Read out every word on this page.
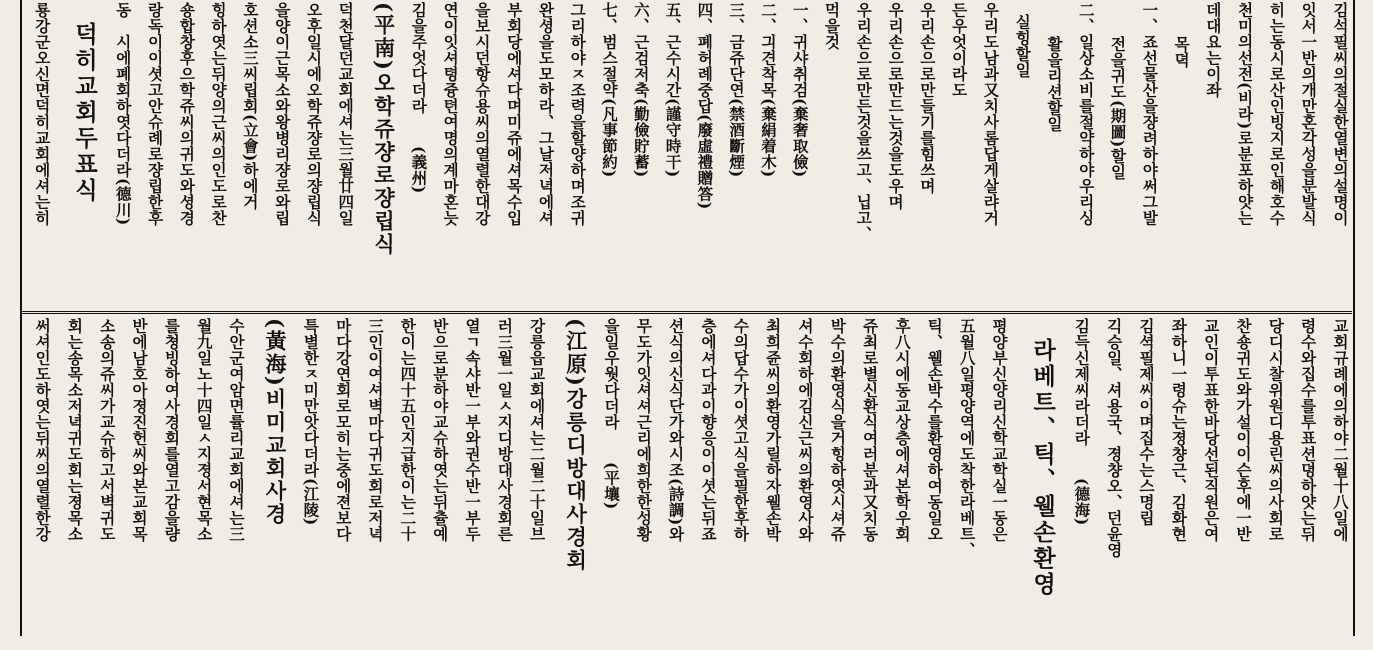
김석필씨의절실한열변의설명이
잇서一반의개만혼각성을분발식
히는동시로산인빙지로인해호수
천미의선전(비라)로분포하얏는
데대요는이좌
목뎍
一、죠선물산을쟝려하야써그발
전을귀도(期圖)할일
二、일상소비를절약하야우리싱
활을리션할일
실힝할일
우리도남과又치사롬답게살랴거
든우엇이라도
우리손으로만들기를힘쓰며
우리손으로만드는것을도우며
우리손으로만든것을쓰고、닙고、
먹을것
一、귀샤취검(棄奢取儉)
二、긔견착목(棄絹着木)
三、금쥬단연(禁酒斷煙)
四、폐허례중답(廢虛禮贈答)
五、근수시간(謹守時干)
六、근검저축(勤儉貯蓄)
七、범스절약(凡事節約)
그리하야ㅈ조력을할양하며조귀
완셩을도모하라、그날저녁에셔
부회당에셔다며미쥬에셔목수입
을보시던항슈용씨의열렬한대강
연이잇셔텽즁텬여명의계마혼늣
김을주엇다더라　　(義州)
(平南)오학쥬쟝로쟝립식
덕천달던교회에셔는三월廿四일
오후일시에오학쥬쟝로의쟝립식
을양이근목소와왕병리쟝로와립
호션소三씨립회(立會)하에거
힝하엿는뒤양의근씨의인도로찬
숑합창후으학쥬씨의귀도와셩경
랑독이이셧고안슈례로쟝립한후
동　시에폐회하엿다더라(德川)
덕히교회두표식
룡강군오신면덕히교회에셔는히
교회규례에의하야二월十八일에
령수와집수를투표션뎡하얏는뒤
당디시찰위원디용린씨의사회로
찬숑귀도와가설이이슨후에一반
교인이투표한바당선된직원은여
좌하니一령슈는졍챵근、김화현
김셕필제씨이며집수는스명립
긱승일、셔용국、졍챵오、던윤영
김득신제씨라더라　　(德海)
라베트、틱、웰손환영
평양부신양리신학교학실一동은
五월八일평양역에도착한라베트、
틱、웰손박수를환영하여동일오
후八시에동교상층에셔본학우회
쥬최로별신환식여러분과又치동
박수의환영식을거힝하엿시셔쥬
셔수회하에김신근씨의환영사와
최희쥰씨의환영가릴하자웰손박
수의답수가이셧고식을필한후하
층에셔다과이향응이이셧는뒤죠
션식의신식단가와시조(詩調)와
무도가잇셔셔근리에희한한성황
을일우웟다더라　　(平壤)
(江原)강릉디방대사경회
강릉읍교회에셔는二월二十일브
러三월一일ㅅ지디방대사경회른
열ㄱ속샤반一부와권수반一부두
반으로분하야교슈하엿는뒤츌예
한이는四十五인지급한이는二十
三인이여셔벽마다귀도회로저녁
마다강연회로모히는중에젼보다
특별한ㅈ미만앗다더라(江陵)
(黃海)비미교회사경
수안군여암면률리교회에셔는三
월九일노十四일ㅅ지졍서현목소
를쳥빙하여사경회를열고감을량
반에남호아졍진헌씨와본교회목
소송의쥬씨가교슈하고서벽귀도
회는송목소저녁귀도회는졍목소
써셔인도하엿는뒤씨의열렬한강
